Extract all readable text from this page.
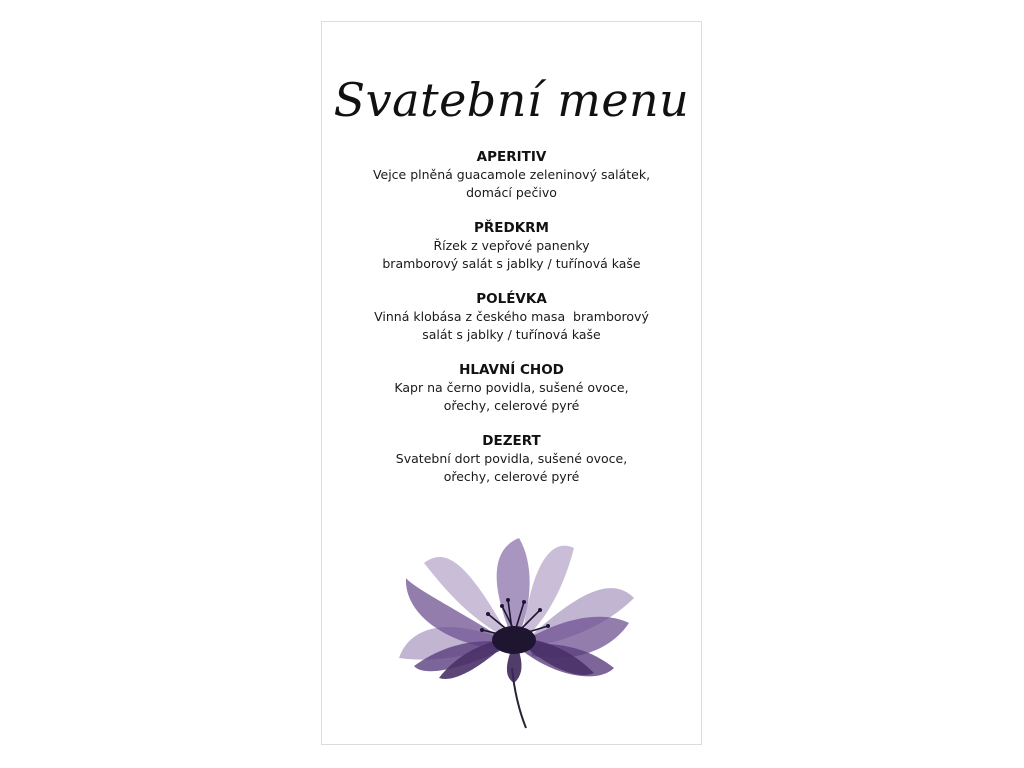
Svatební menu
APERITIV
Vejce plněná guacamole zeleninový salátek,
domácí pečivo
PŘEDKRM
Řízek z vepřové panenky
bramborový salát s jablky / tuřínová kaše
POLÉVKA
Vinná klobása z českého masa  bramborový
salát s jablky / tuřínová kaše
HLAVNÍ CHOD
Kapr na černo povidla, sušené ovoce,
ořechy, celerové pyré
DEZERT
Svatební dort povidla, sušené ovoce,
ořechy, celerové pyré
